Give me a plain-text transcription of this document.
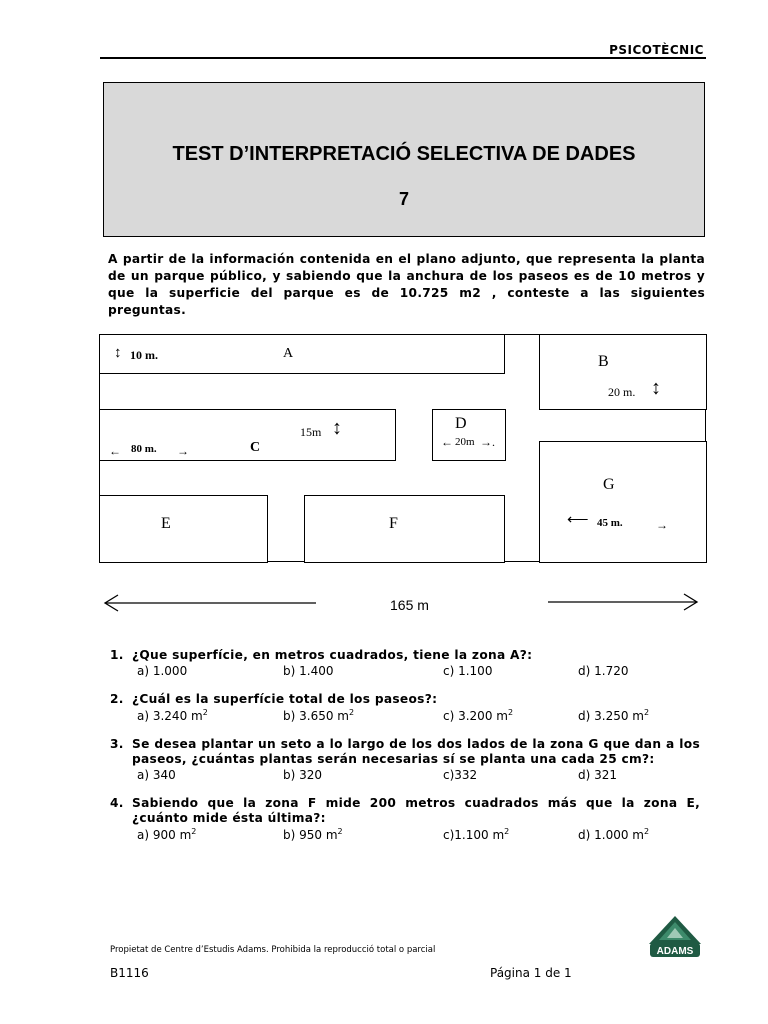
PSICOTÈCNIC
TEST D’INTERPRETACIÓ SELECTIVA DE DADES
7
A partir de la información contenida en el plano adjunto, que representa la planta de un parque público, y sabiendo que la anchura de los paseos es de 10 metros y que la superficie del parque es de 10.725 m2 , conteste a las siguientes preguntas.
↕ 10 m.	A	B
20 m. ↕
15m ↕
← 80 m. →	C
D
← 20m →.
G
⟵ 45 m.	→
E	F
165 m
1. ¿Que superfície, en metros cuadrados, tiene la zona A?:
a) 1.000	b) 1.400	c) 1.100	d) 1.720
2. ¿Cuál es la superfície total de los paseos?:
a) 3.240 $m^2$	b) 3.650 $m^2$	c) 3.200 $m^2$	d) 3.250 $m^2$
3. Se desea plantar un seto a lo largo de los dos lados de la zona G que dan a los paseos, ¿cuántas plantas serán necesarias sí se planta una cada 25 cm?:
a) 340	b) 320	c)332	d) 321
4. Sabiendo que la zona F mide 200 metros cuadrados más que la zona E, ¿cuánto mide ésta última?:
a) 900 $m^2$	b) 950 $m^2$	c)1.100 $m^2$	d) 1.000 $m^2$
Propietat de Centre d’Estudis Adams. Prohibida la reproducció total o parcial
B1116	Página 1 de 1
ADAMS
